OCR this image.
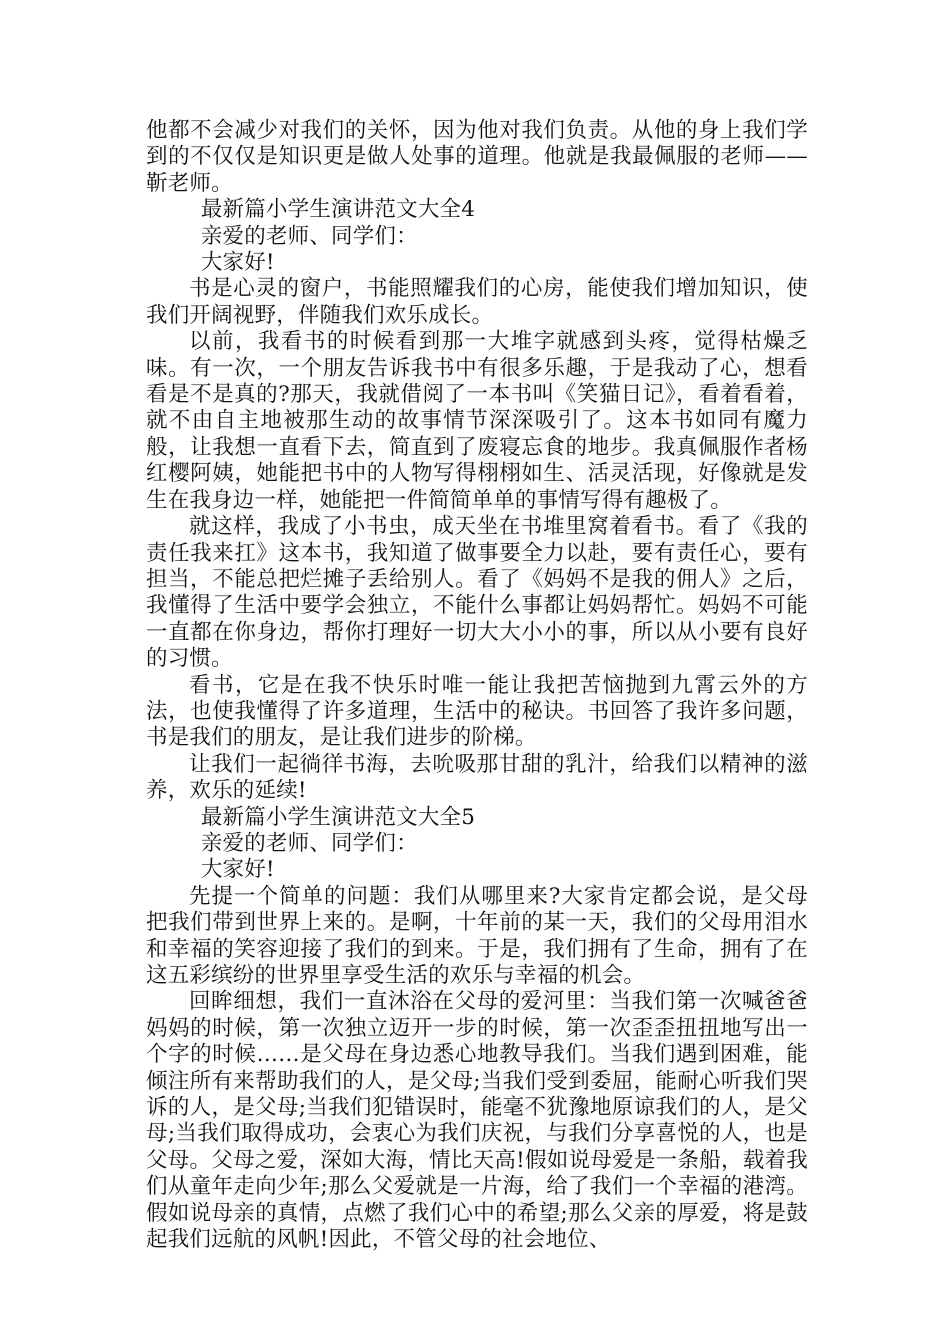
他都不会减少对我们的关怀，因为他对我们负责。从他的身上我们学到的不仅仅是知识更是做人处事的道理。他就是我最佩服的老师——靳老师。

最新篇小学生演讲范文大全4

亲爱的老师、同学们：

大家好!

书是心灵的窗户，书能照耀我们的心房，能使我们增加知识，使我们开阔视野，伴随我们欢乐成长。

以前，我看书的时候看到那一大堆字就感到头疼，觉得枯燥乏味。有一次，一个朋友告诉我书中有很多乐趣，于是我动了心，想看看是不是真的?那天，我就借阅了一本书叫《笑猫日记》，看着看着，就不由自主地被那生动的故事情节深深吸引了。这本书如同有魔力般，让我想一直看下去，简直到了废寝忘食的地步。我真佩服作者杨红樱阿姨，她能把书中的人物写得栩栩如生、活灵活现，好像就是发生在我身边一样，她能把一件简简单单的事情写得有趣极了。

就这样，我成了小书虫，成天坐在书堆里窝着看书。看了《我的责任我来扛》这本书，我知道了做事要全力以赴，要有责任心，要有担当，不能总把烂摊子丢给别人。看了《妈妈不是我的佣人》之后，我懂得了生活中要学会独立，不能什么事都让妈妈帮忙。妈妈不可能一直都在你身边，帮你打理好一切大大小小的事，所以从小要有良好的习惯。

看书，它是在我不快乐时唯一能让我把苦恼抛到九霄云外的方法，也使我懂得了许多道理，生活中的秘诀。书回答了我许多问题，书是我们的朋友，是让我们进步的阶梯。

让我们一起徜徉书海，去吮吸那甘甜的乳汁，给我们以精神的滋养，欢乐的延续!

最新篇小学生演讲范文大全5

亲爱的老师、同学们：

大家好!

先提一个简单的问题：我们从哪里来?大家肯定都会说，是父母把我们带到世界上来的。是啊，十年前的某一天，我们的父母用泪水和幸福的笑容迎接了我们的到来。于是，我们拥有了生命，拥有了在这五彩缤纷的世界里享受生活的欢乐与幸福的机会。

回眸细想，我们一直沐浴在父母的爱河里：当我们第一次喊爸爸妈妈的时候，第一次独立迈开一步的时候，第一次歪歪扭扭地写出一个字的时候……是父母在身边悉心地教导我们。当我们遇到困难，能倾注所有来帮助我们的人，是父母;当我们受到委屈，能耐心听我们哭诉的人，是父母;当我们犯错误时，能毫不犹豫地原谅我们的人，是父母;当我们取得成功，会衷心为我们庆祝，与我们分享喜悦的人，也是父母。父母之爱，深如大海，情比天高!假如说母爱是一条船，载着我们从童年走向少年;那么父爱就是一片海，给了我们一个幸福的港湾。假如说母亲的真情，点燃了我们心中的希望;那么父亲的厚爱，将是鼓起我们远航的风帆!因此，不管父母的社会地位、
